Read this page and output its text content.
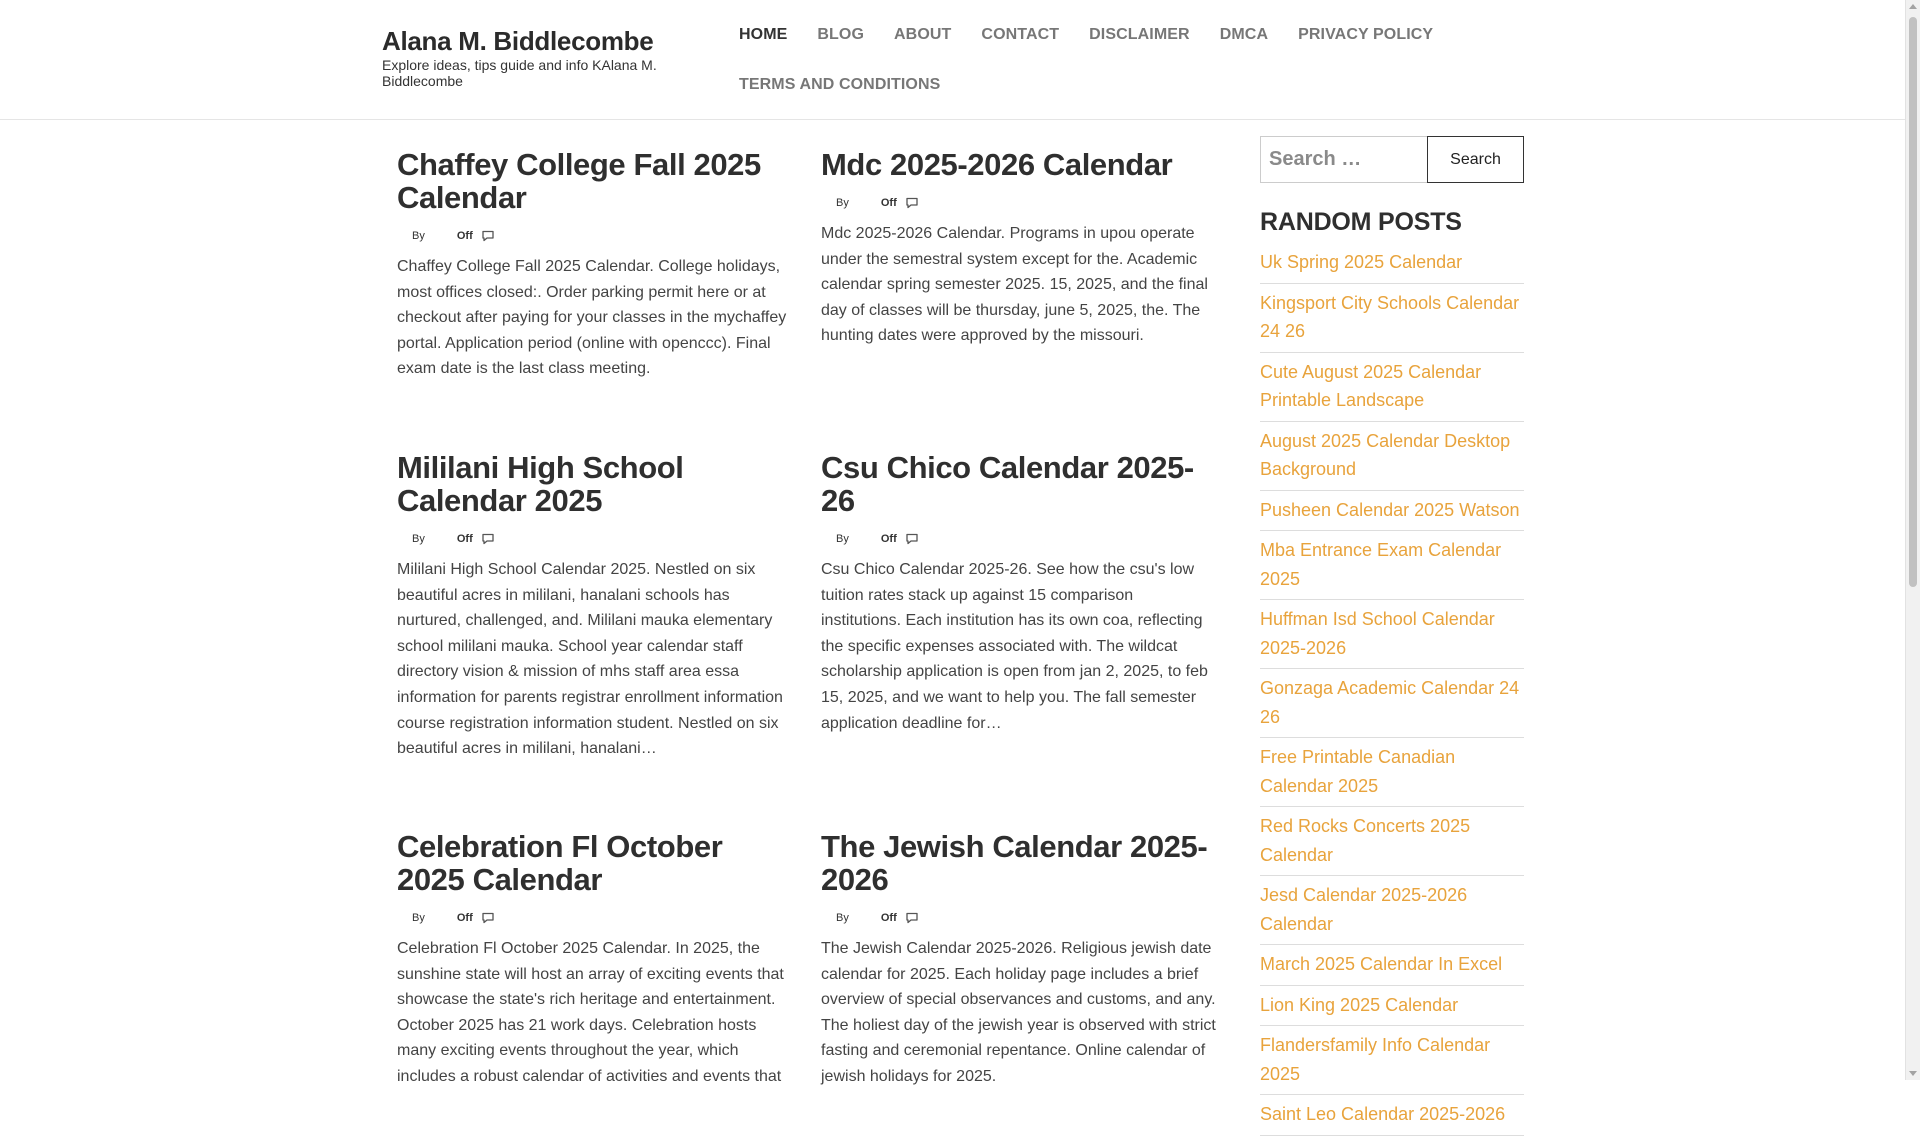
Alana M. Biddlecombe
Explore ideas, tips guide and info KAlana M. Biddlecombe
HOME	BLOG	ABOUT	CONTACT	DISCLAIMER	DMCA	PRIVACY POLICY
TERMS AND CONDITIONS
Chaffey College Fall 2025 Calendar
By	Off

Chaffey College Fall 2025 Calendar. College holidays, most offices closed:. Order parking permit here or at checkout after paying for your classes in the mychaffey portal. Application period (online with openccc). Final exam date is the last class meeting.

Mdc 2025-2026 Calendar
By	Off

Mdc 2025-2026 Calendar. Programs in upou operate under the semestral system except for the. Academic calendar spring semester 2025. 15, 2025, and the final day of classes will be thursday, june 5, 2025, the. The hunting dates were approved by the missouri.

Mililani High School Calendar 2025
By	Off

Mililani High School Calendar 2025. Nestled on six beautiful acres in mililani, hanalani schools has nurtured, challenged, and. Mililani mauka elementary school mililani mauka. School year calendar staff directory vision & mission of mhs staff area essa information for parents registrar enrollment information course registration information student. Nestled on six beautiful acres in mililani, hanalani…

Csu Chico Calendar 2025-26
By	Off

Csu Chico Calendar 2025-26. See how the csu's low tuition rates stack up against 15 comparison institutions. Each institution has its own coa, reflecting the specific expenses associated with. The wildcat scholarship application is open from jan 2, 2025, to feb 15, 2025, and we want to help you. The fall semester application deadline for…

Celebration Fl October 2025 Calendar
By	Off

Celebration Fl October 2025 Calendar. In 2025, the sunshine state will host an array of exciting events that showcase the state's rich heritage and entertainment. October 2025 has 21 work days. Celebration hosts many exciting events throughout the year, which includes a robust calendar of activities and events that

The Jewish Calendar 2025-2026
By	Off

The Jewish Calendar 2025-2026. Religious jewish date calendar for 2025. Each holiday page includes a brief overview of special observances and customs, and any. The holiest day of the jewish year is observed with strict fasting and ceremonial repentance. Online calendar of jewish holidays for 2025.

Search …
Search
RANDOM POSTS
Uk Spring 2025 Calendar
Kingsport City Schools Calendar 24 26
Cute August 2025 Calendar Printable Landscape
August 2025 Calendar Desktop Background
Pusheen Calendar 2025 Watson
Mba Entrance Exam Calendar 2025
Huffman Isd School Calendar 2025-2026
Gonzaga Academic Calendar 24 26
Free Printable Canadian Calendar 2025
Red Rocks Concerts 2025 Calendar
Jesd Calendar 2025-2026 Calendar
March 2025 Calendar In Excel
Lion King 2025 Calendar
Flandersfamily Info Calendar 2025
Saint Leo Calendar 2025-2026
